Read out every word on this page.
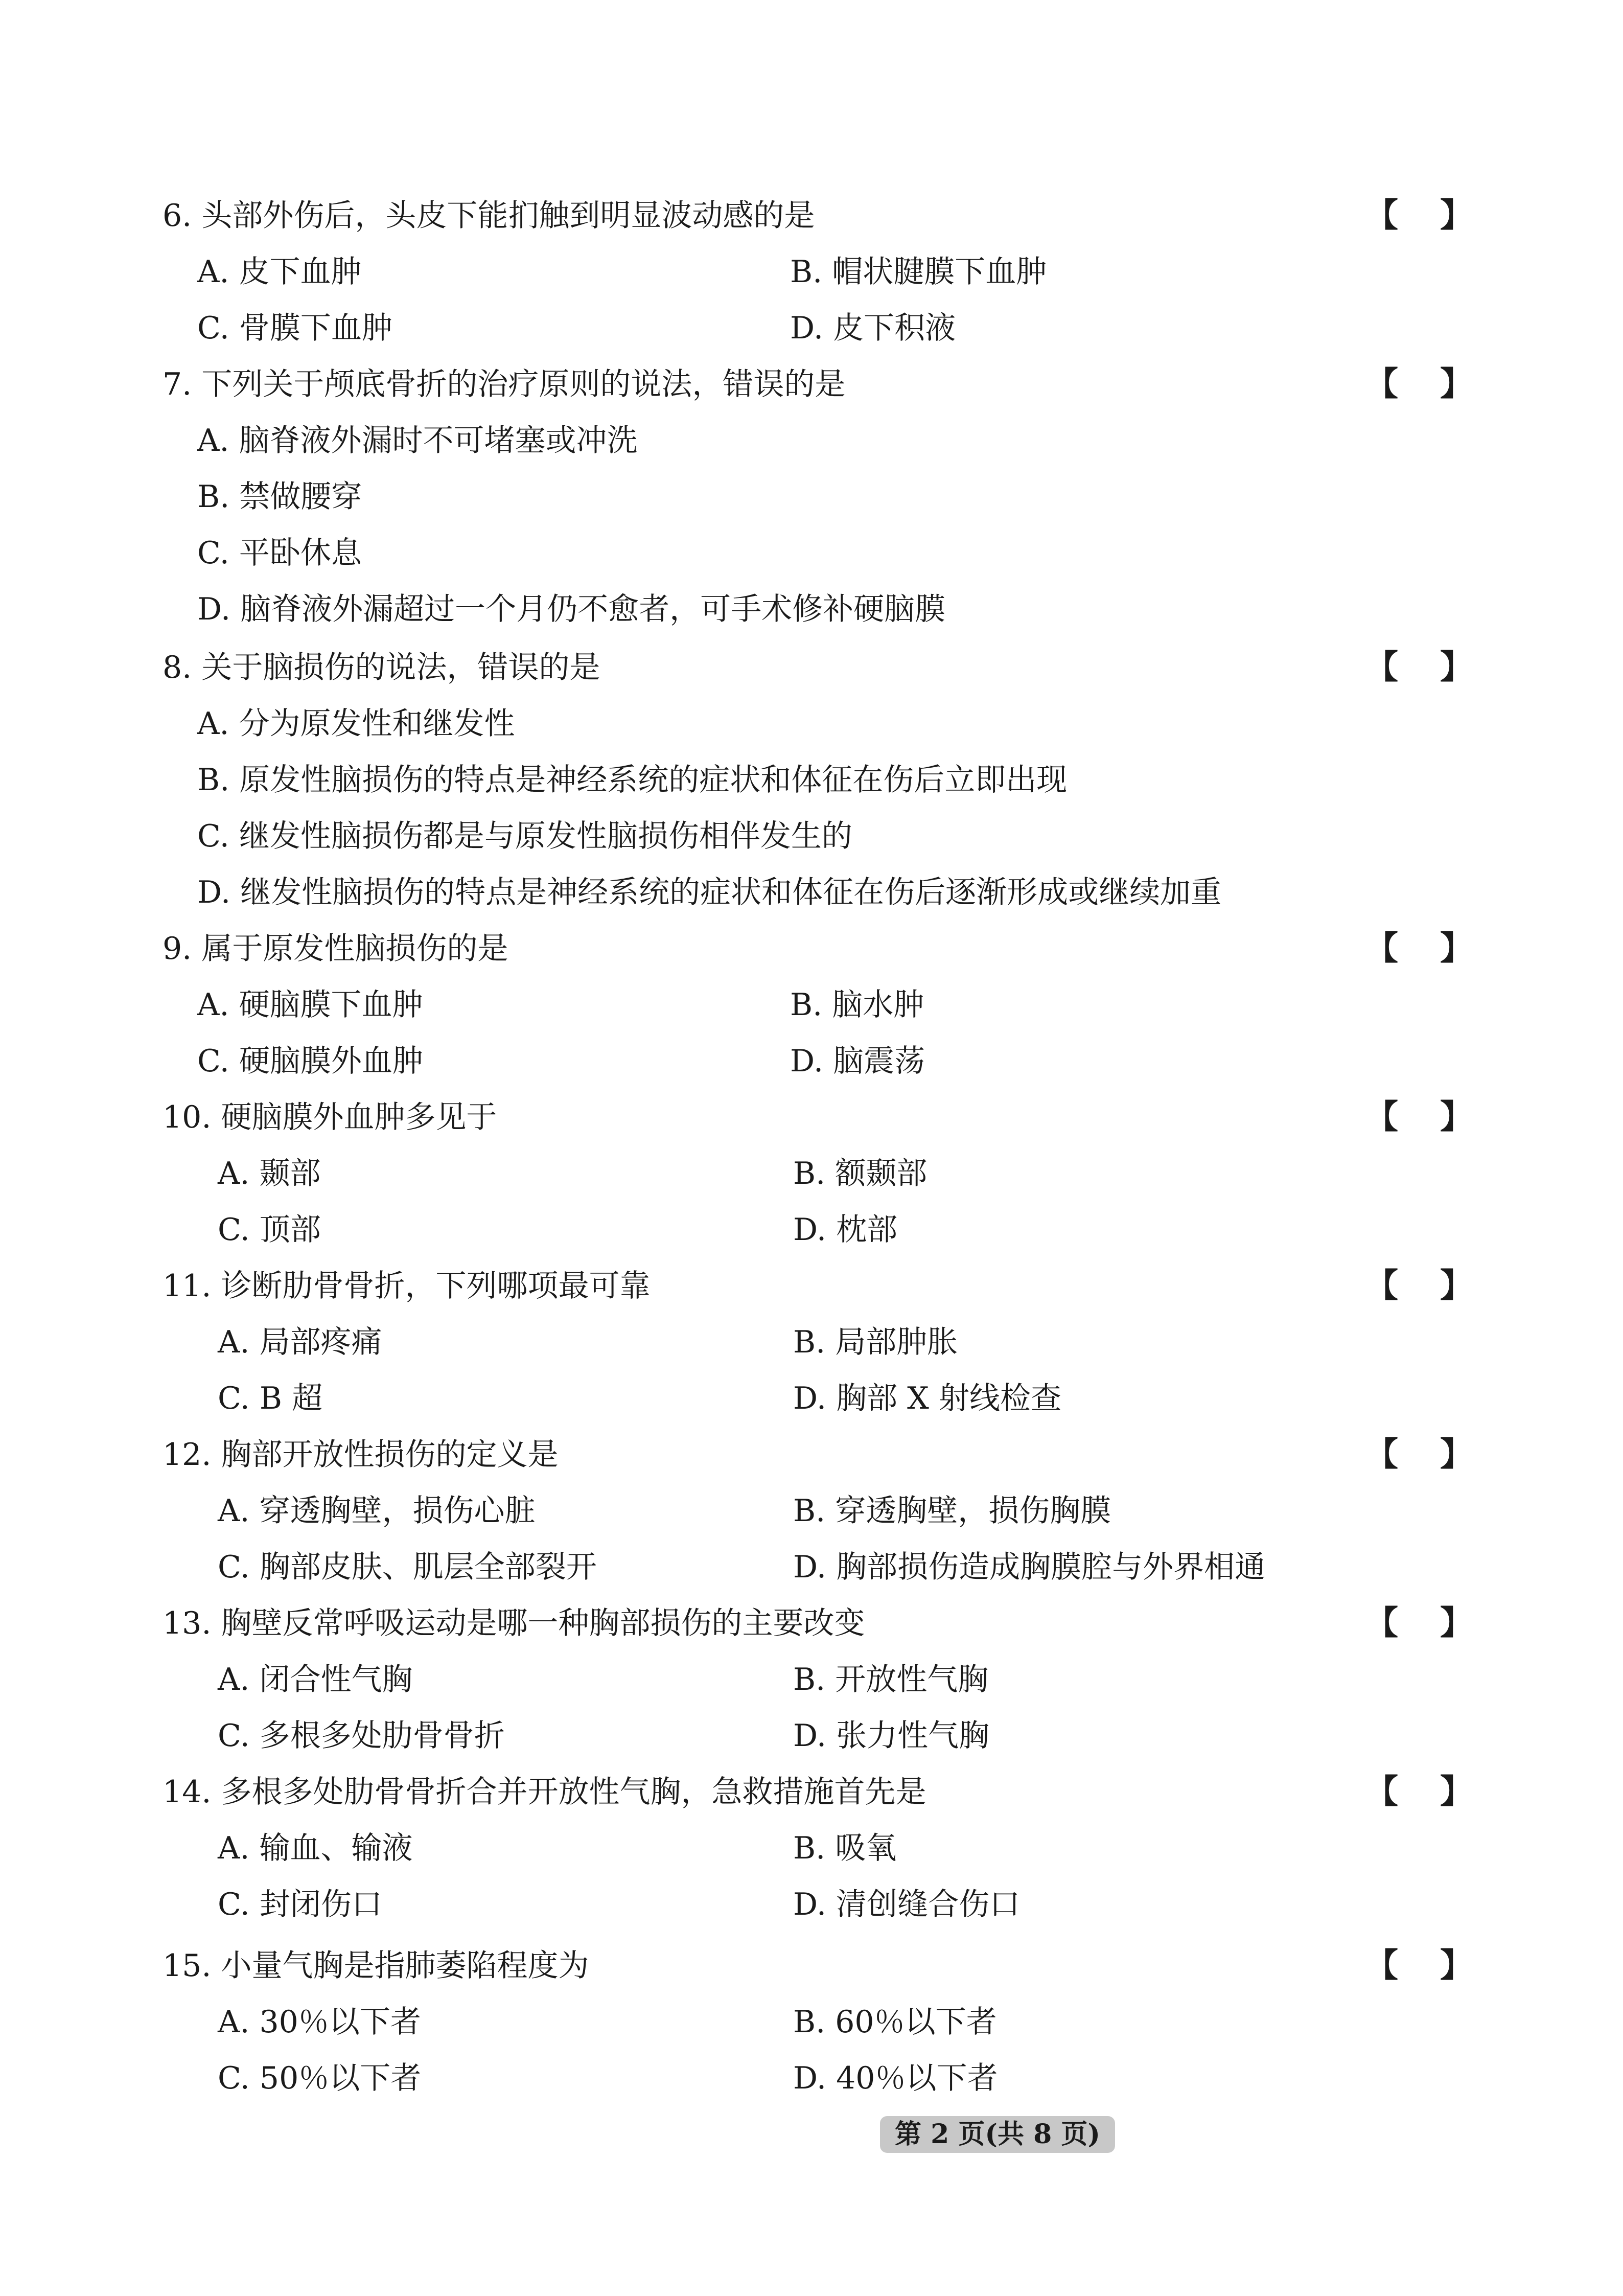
6. 头部外伤后，头皮下能扪触到明显波动感的是	【 】
A. 皮下血肿	B. 帽状腱膜下血肿
C. 骨膜下血肿	D. 皮下积液
7. 下列关于颅底骨折的治疗原则的说法，错误的是	【 】
A. 脑脊液外漏时不可堵塞或冲洗
B. 禁做腰穿
C. 平卧休息
D. 脑脊液外漏超过一个月仍不愈者，可手术修补硬脑膜
8. 关于脑损伤的说法，错误的是	【 】
A. 分为原发性和继发性
B. 原发性脑损伤的特点是神经系统的症状和体征在伤后立即出现
C. 继发性脑损伤都是与原发性脑损伤相伴发生的
D. 继发性脑损伤的特点是神经系统的症状和体征在伤后逐渐形成或继续加重
9. 属于原发性脑损伤的是	【 】
A. 硬脑膜下血肿	B. 脑水肿
C. 硬脑膜外血肿	D. 脑震荡
10. 硬脑膜外血肿多见于	【 】
A. 颞部	B. 额颞部
C. 顶部	D. 枕部
11. 诊断肋骨骨折，下列哪项最可靠	【 】
A. 局部疼痛	B. 局部肿胀
C. B 超	D. 胸部 X 射线检查
12. 胸部开放性损伤的定义是	【 】
A. 穿透胸壁，损伤心脏	B. 穿透胸壁，损伤胸膜
C. 胸部皮肤、肌层全部裂开	D. 胸部损伤造成胸膜腔与外界相通
13. 胸壁反常呼吸运动是哪一种胸部损伤的主要改变	【 】
A. 闭合性气胸	B. 开放性气胸
C. 多根多处肋骨骨折	D. 张力性气胸
14. 多根多处肋骨骨折合并开放性气胸，急救措施首先是	【 】
A. 输血、输液	B. 吸氧
C. 封闭伤口	D. 清创缝合伤口
15. 小量气胸是指肺萎陷程度为	【 】
A. 30％以下者	B. 60％以下者
C. 50％以下者	D. 40％以下者
第 2 页(共 8 页)
